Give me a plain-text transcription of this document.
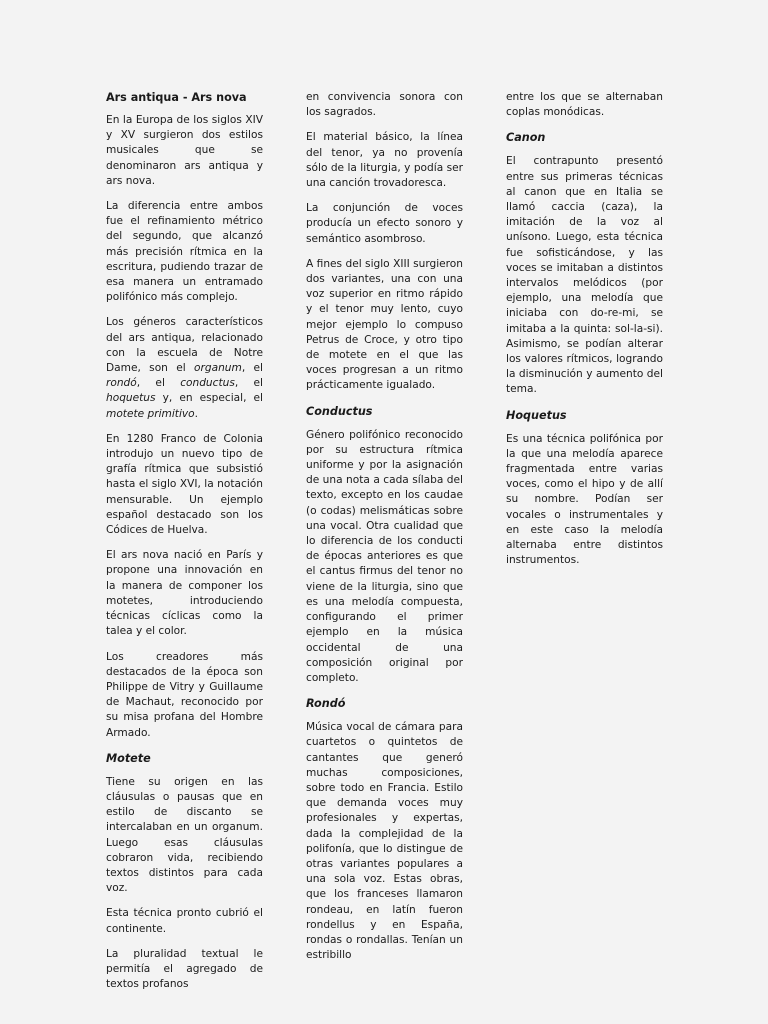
Ars antiqua - Ars nova

En la Europa de los siglos XIV y XV surgieron dos estilos musicales que se denominaron ars antiqua y ars nova.

La diferencia entre ambos fue el refinamiento métrico del segundo, que alcanzó más precisión rítmica en la escritura, pudiendo trazar de esa manera un entramado polifónico más complejo.

Los géneros característicos del ars antiqua, relacionado con la escuela de Notre Dame, son el organum, el rondó, el conductus, el hoquetus y, en especial, el motete primitivo.

En 1280 Franco de Colonia introdujo un nuevo tipo de grafía rítmica que subsistió hasta el siglo XVI, la notación mensurable. Un ejemplo español destacado son los Códices de Huelva.

El ars nova nació en París y propone una innovación en la manera de componer los motetes, introduciendo técnicas cíclicas como la talea y el color.

Los creadores más destacados de la época son Philippe de Vitry y Guillaume de Machaut, reconocido por su misa profana del Hombre Armado.

Motete

Tiene su origen en las cláusulas o pausas que en estilo de discanto se intercalaban en un organum. Luego esas cláusulas cobraron vida, recibiendo textos distintos para cada voz.

Esta técnica pronto cubrió el continente.

La pluralidad textual le permitía el agregado de textos profanos

en convivencia sonora con los sagrados.

El material básico, la línea del tenor, ya no provenía sólo de la liturgia, y podía ser una canción trovadoresca.

La conjunción de voces producía un efecto sonoro y semántico asombroso.

A fines del siglo XIII surgieron dos variantes, una con una voz superior en ritmo rápido y el tenor muy lento, cuyo mejor ejemplo lo compuso Petrus de Croce, y otro tipo de motete en el que las voces progresan a un ritmo prácticamente igualado.

Conductus

Género polifónico reconocido por su estructura rítmica uniforme y por la asignación de una nota a cada sílaba del texto, excepto en los caudae (o codas) melismáticas sobre una vocal. Otra cualidad que lo diferencia de los conducti de épocas anteriores es que el cantus firmus del tenor no viene de la liturgia, sino que es una melodía compuesta, configurando el primer ejemplo en la música occidental de una composición original por completo.

Rondó

Música vocal de cámara para cuartetos o quintetos de cantantes que generó muchas composiciones, sobre todo en Francia. Estilo que demanda voces muy profesionales y expertas, dada la complejidad de la polifonía, que lo distingue de otras variantes populares a una sola voz. Estas obras, que los franceses llamaron rondeau, en latín fueron rondellus y en España, rondas o rondallas. Tenían un estribillo

entre los que se alternaban coplas monódicas.

Canon

El contrapunto presentó entre sus primeras técnicas al canon que en Italia se llamó caccia (caza), la imitación de la voz al unísono. Luego, esta técnica fue sofisticándose, y las voces se imitaban a distintos intervalos melódicos (por ejemplo, una melodía que iniciaba con do-re-mi, se imitaba a la quinta: sol-la-si). Asimismo, se podían alterar los valores rítmicos, logrando la disminución y aumento del tema.

Hoquetus

Es una técnica polifónica por la que una melodía aparece fragmentada entre varias voces, como el hipo y de allí su nombre. Podían ser vocales o instrumentales y en este caso la melodía alternaba entre distintos instrumentos.
